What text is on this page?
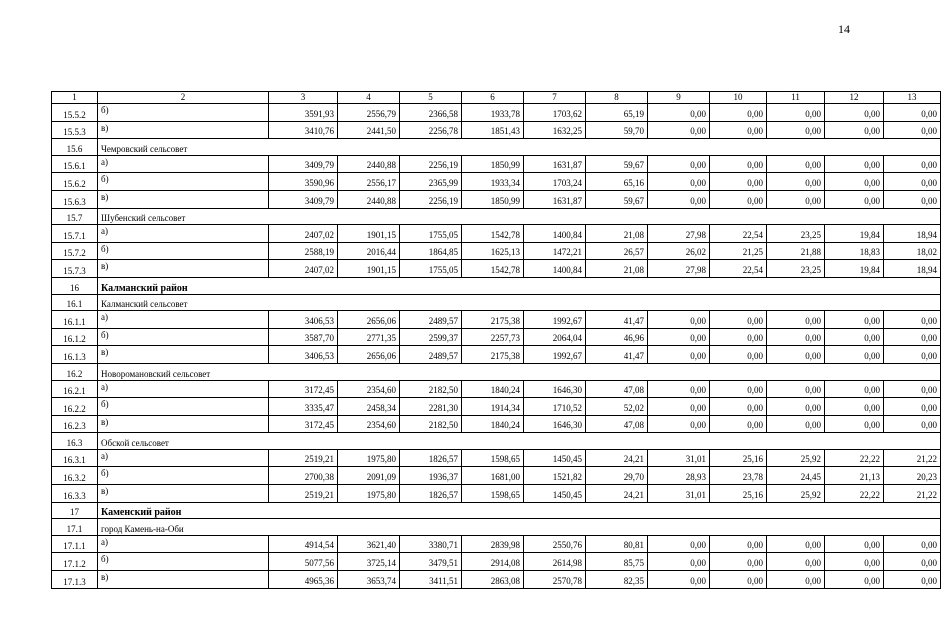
14
1	2	3	4	5	6	7	8	9	10	11	12	13
15.5.2	б)	3591,93	2556,79	2366,58	1933,78	1703,62	65,19	0,00	0,00	0,00	0,00	0,00
15.5.3	в)	3410,76	2441,50	2256,78	1851,43	1632,25	59,70	0,00	0,00	0,00	0,00	0,00
15.6	Чемровский сельсовет											
15.6.1	а)	3409,79	2440,88	2256,19	1850,99	1631,87	59,67	0,00	0,00	0,00	0,00	0,00
15.6.2	б)	3590,96	2556,17	2365,99	1933,34	1703,24	65,16	0,00	0,00	0,00	0,00	0,00
15.6.3	в)	3409,79	2440,88	2256,19	1850,99	1631,87	59,67	0,00	0,00	0,00	0,00	0,00
15.7	Шубенский сельсовет											
15.7.1	а)	2407,02	1901,15	1755,05	1542,78	1400,84	21,08	27,98	22,54	23,25	19,84	18,94
15.7.2	б)	2588,19	2016,44	1864,85	1625,13	1472,21	26,57	26,02	21,25	21,88	18,83	18,02
15.7.3	в)	2407,02	1901,15	1755,05	1542,78	1400,84	21,08	27,98	22,54	23,25	19,84	18,94
16	Калманский район											
16.1	Калманский сельсовет											
16.1.1	а)	3406,53	2656,06	2489,57	2175,38	1992,67	41,47	0,00	0,00	0,00	0,00	0,00
16.1.2	б)	3587,70	2771,35	2599,37	2257,73	2064,04	46,96	0,00	0,00	0,00	0,00	0,00
16.1.3	в)	3406,53	2656,06	2489,57	2175,38	1992,67	41,47	0,00	0,00	0,00	0,00	0,00
16.2	Новоромановский сельсовет											
16.2.1	а)	3172,45	2354,60	2182,50	1840,24	1646,30	47,08	0,00	0,00	0,00	0,00	0,00
16.2.2	б)	3335,47	2458,34	2281,30	1914,34	1710,52	52,02	0,00	0,00	0,00	0,00	0,00
16.2.3	в)	3172,45	2354,60	2182,50	1840,24	1646,30	47,08	0,00	0,00	0,00	0,00	0,00
16.3	Обской сельсовет											
16.3.1	а)	2519,21	1975,80	1826,57	1598,65	1450,45	24,21	31,01	25,16	25,92	22,22	21,22
16.3.2	б)	2700,38	2091,09	1936,37	1681,00	1521,82	29,70	28,93	23,78	24,45	21,13	20,23
16.3.3	в)	2519,21	1975,80	1826,57	1598,65	1450,45	24,21	31,01	25,16	25,92	22,22	21,22
17	Каменский район											
17.1	город Камень-на-Оби											
17.1.1	а)	4914,54	3621,40	3380,71	2839,98	2550,76	80,81	0,00	0,00	0,00	0,00	0,00
17.1.2	б)	5077,56	3725,14	3479,51	2914,08	2614,98	85,75	0,00	0,00	0,00	0,00	0,00
17.1.3	в)	4965,36	3653,74	3411,51	2863,08	2570,78	82,35	0,00	0,00	0,00	0,00	0,00
